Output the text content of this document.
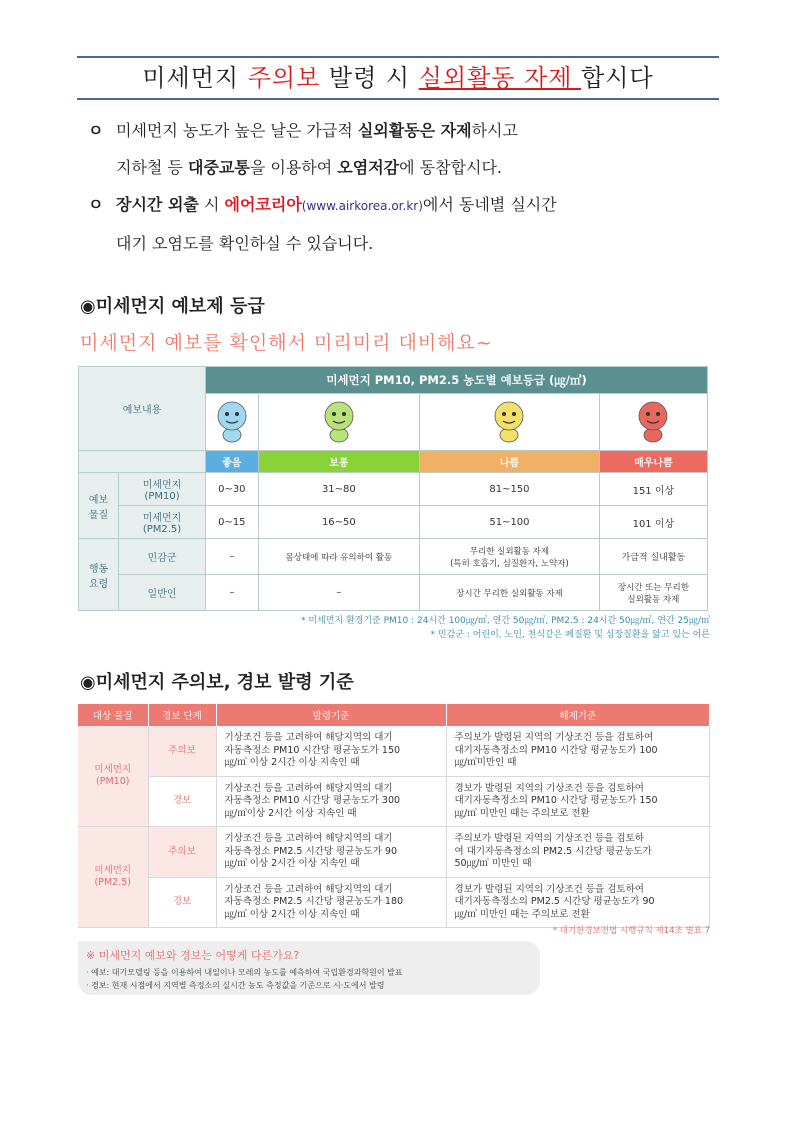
미세먼지 주의보 발령 시 실외활동 자제 합시다
ㅇ 미세먼지 농도가 높은 날은 가급적 실외활동은 자제하시고
지하철 등 대중교통을 이용하여 오염저감에 동참합시다.
ㅇ 장시간 외출 시 에어코리아(www.airkorea.or.kr)에서 동네별 실시간
대기 오염도를 확인하실 수 있습니다.
◉미세먼지 예보제 등급
미세먼지 예보를 확인해서 미리미리 대비해요~
예보내용		미세먼지 PM10, PM2.5 농도별 예보등급 (㎍/㎥)			

		좋음	보통	나쁨	매우나쁨
예보
물질	미세먼지
(PM10)	0~30	31~80	81~150	151 이상
	미세먼지
(PM2.5)	0~15	16~50	51~100	101 이상
행동
요령	민감군	–	몸상태에 따라 유의하여 활동	무리한 실외활동 자제
(특히 호흡기, 심질환자, 노약자)	가급적 실내활동
	일반인	–	–	장시간 무리한 실외활동 자제	장시간 또는 무리한
실외활동 자제
* 미세먼지 환경기준 PM10 : 24시간 100㎍/㎥, 연간 50㎍/㎥, PM2.5 : 24시간 50㎍/㎥, 연간 25㎍/㎥
* 민감군 : 어린이, 노인, 천식같은 폐질환 및 심장질환을 앓고 있는 어른
◉미세먼지 주의보, 경보 발령 기준
대상 물질	경보 단계	발령기준	해제기준
미세먼지
(PM10)	주의보	기상조건 등을 고려하여 해당지역의 대기
자동측정소 PM10 시간당 평균농도가 150
㎍/㎥ 이상 2시간 이상 지속인 때	주의보가 발령된 지역의 기상조건 등을 검토하여
대기자동측정소의 PM10 시간당 평균농도가 100
㎍/㎥미만인 때
	경보	기상조건 등을 고려하여 해당지역의 대기
자동측정소 PM10 시간당 평균농도가 300
㎍/㎥이상 2시간 이상 지속인 때	경보가 발령된 지역의 기상조건 등을 검토하여
대기자동측정소의 PM10 시간당 평균농도가 150
㎍/㎥ 미만인 때는 주의보로 전환
미세먼지
(PM2.5)	주의보	기상조건 등을 고려하여 해당지역의 대기
자동측정소 PM2.5 시간당 평균농도가 90
㎍/㎥ 이상 2시간 이상 지속인 때	주의보가 발령된 지역의 기상조건 등을 검토하
여 대기자동측정소의 PM2.5 시간당 평균농도가
50㎍/㎥ 미만인 때
	경보	기상조건 등을 고려하여 해당지역의 대기
자동측정소 PM2.5 시간당 평균농도가 180
㎍/㎥ 이상 2시간 이상 지속인 때	경보가 발령된 지역의 기상조건 등을 검토하여
대기자동측정소의 PM2.5 시간당 평균농도가 90
㎍/㎥ 미만인 때는 주의보로 전환
* 대기환경보전법 시행규칙 제14조 별표 7
※ 미세먼지 예보와 경보는 어떻게 다른가요?
· 예보: 대기모델링 등을 이용하여 내일이나 모레의 농도를 예측하여 국립환경과학원이 발표
· 경보: 현재 시점에서 지역별 측정소의 실시간 농도 측정값을 기준으로 시·도에서 발령
